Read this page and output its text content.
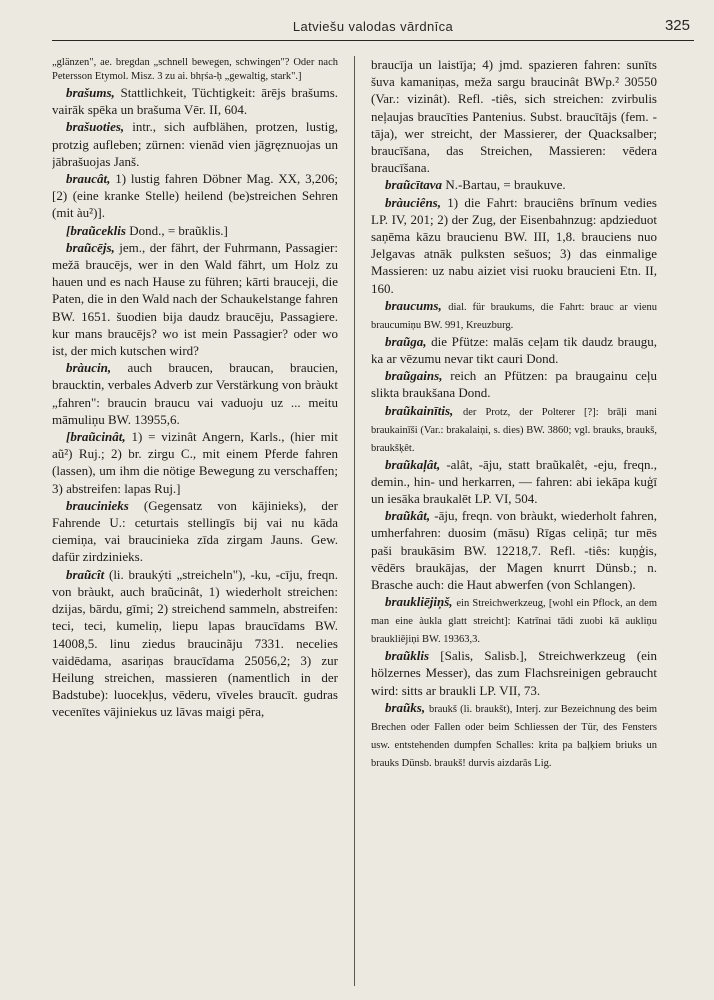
Latviešu valodas vārdnīca	325

„glänzen", ae. bregdan „schnell bewegen, schwingen"? Oder nach Petersson Etymol. Misz. 3 zu ai. bhŗśa-ḥ „gewaltig, stark".]

brašums, Stattlichkeit, Tüchtigkeit: ārējs brašums. vairāk spēka un brašuma Vēr. II, 604.

brašuoties, intr., sich aufblähen, protzen, lustig, protzig aufleben; zürnen: vienād vien jāgręznuojas un jābrašuojas Janš.

braucât, 1) lustig fahren Döbner Mag. XX, 3,206; [2) (eine kranke Stelle) heilend (be)streichen Sehren (mit àu²)].

[braũceklis Dond., = braũklis.]

braũcējs, jem., der fährt, der Fuhrmann, Passagier: mežā braucējs, wer in den Wald fährt, um Holz zu hauen und es nach Hause zu führen; kārti brauceji, die Paten, die in den Wald nach der Schaukelstange fahren BW. 1651. šuodien bija daudz braucēju, Passagiere. kur mans braucējs? wo ist mein Passagier? oder wo ist, der mich kutschen wird?

bràucin, auch braucen, braucan, braucien, braucktin, verbales Adverb zur Verstärkung von bràukt „fahren": braucin braucu vai vaduoju uz ... meitu māmuliņu BW. 13955,6.

[braũcinât, 1) = vizinât Angern, Karls., (hier mit aũ²) Ruj.; 2) br. zirgu C., mit einem Pferde fahren (lassen), um ihm die nötige Bewegung zu verschaffen; 3) abstreifen: lapas Ruj.]

braucinieks (Gegensatz von kājinieks), der Fahrende U.: ceturtais stellingīs bij vai nu kāda ciemiņa, vai braucinieka zīda zirgam Jauns. Gew. dafür zirdzinieks.

braũcît (li. braukýti „streicheln"), -ku, -cīju, freqn. von bràukt, auch braũcinât, 1) wiederholt streichen: dzijas, bārdu, gīmi; 2) streichend sammeln, abstreifen: teci, teci, kumeliņ, liepu lapas braucīdams BW. 14008,5. linu ziedus braucinãju 7331. necelies vaidēdama, asariņas braucīdama 25056,2; 3) zur Heilung streichen, massieren (namentlich in der Badstube): luocekļus, vēderu, vīveles braucīt. gudras vecenītes vājiniekus uz lāvas maigi pēra,

braucīja un laistīja; 4) jmd. spazieren fahren: sunīts šuva kamaniņas, meža sargu braucinât BWp.² 30550 (Var.: vizinât). Refl. -tiês, sich streichen: zvirbulis neļaujas braucīties Pantenius. Subst. braucītājs (fem. -tāja), wer streicht, der Massierer, der Quacksalber; braucīšana, das Streichen, Massieren: vēdera braucīšana.

braũcītava N.-Bartau, = braukuve.

bràuciêns, 1) die Fahrt: brauciêns brīnum vedies LP. IV, 201; 2) der Zug, der Eisenbahnzug: apdzieduot saņēma kāzu braucienu BW. III, 1,8. brauciens nuo Jelgavas atnāk pulksten sešuos; 3) das einmalige Massieren: uz nabu aiziet visi ruoku braucieni Etn. II, 160.

braucums, dial. für braukums, die Fahrt: brauc ar vienu braucumiņu BW. 991, Kreuzburg.

braũga, die Pfütze: malās ceļam tik daudz braugu, ka ar vēzumu nevar tikt cauri Dond.

braũgains, reich an Pfützen: pa braugainu ceļu slikta braukšana Dond.

braũkainītis, der Protz, der Polterer [?]: brāļi mani braukainīši (Var.: brakalaiņi, s. dies) BW. 3860; vgl. brauks, braukš, braukšķêt.

braũkaļât, -alât, -āju, statt braũkalêt, -eju, freqn., demin., hin- und herkarren, — fahren: abi iekāpa kuģī un iesāka braukalēt LP. VI, 504.

braũkât, -āju, freqn. von bràukt, wiederholt fahren, umherfahren: duosim (māsu) Rīgas celiņā; tur mēs paši braukāsim BW. 12218,7. Refl. -tiês: kuņģis, vēdērs braukājas, der Magen knurrt Dünsb.; n. Brasche auch: die Haut abwerfen (von Schlangen).

braukliējiņš, ein Streichwerkzeug, [wohl ein Pflock, an dem man eine àukla glatt streicht]: Katrīnai tādi zuobi kā aukliņu braukliējiņi BW. 19363,3.

braũklis [Salis, Salisb.], Streichwerkzeug (ein hölzernes Messer), das zum Flachsreinigen gebraucht wird: sitts ar braukli LP. VII, 73.

braũks, braukš (li. braukšt), Interj. zur Bezeichnung des beim Brechen oder Fallen oder beim Schliessen der Tür, des Fensters usw. entstehenden dumpfen Schalles: krita pa baļķiem briuks un brauks Dünsb. braukš! durvis aizdarās Lig.
